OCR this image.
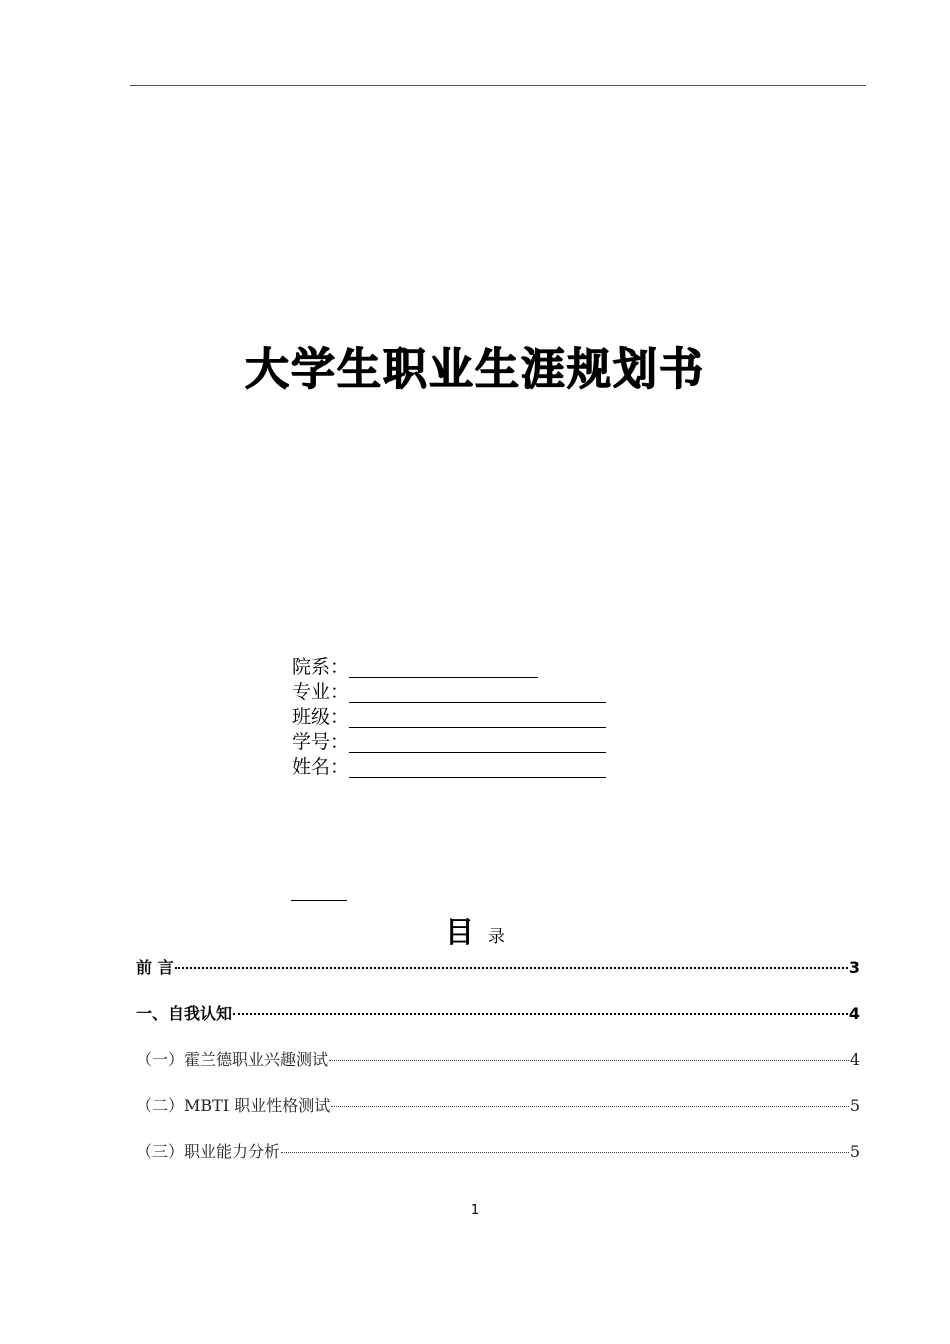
大学生职业生涯规划书
院系：
专业：
班级：
学号：
姓名：
目录
前 言	3
一、自我认知	4
（一）霍兰德职业兴趣测试	4
（二）MBTI 职业性格测试	5
（三）职业能力分析	5
1
